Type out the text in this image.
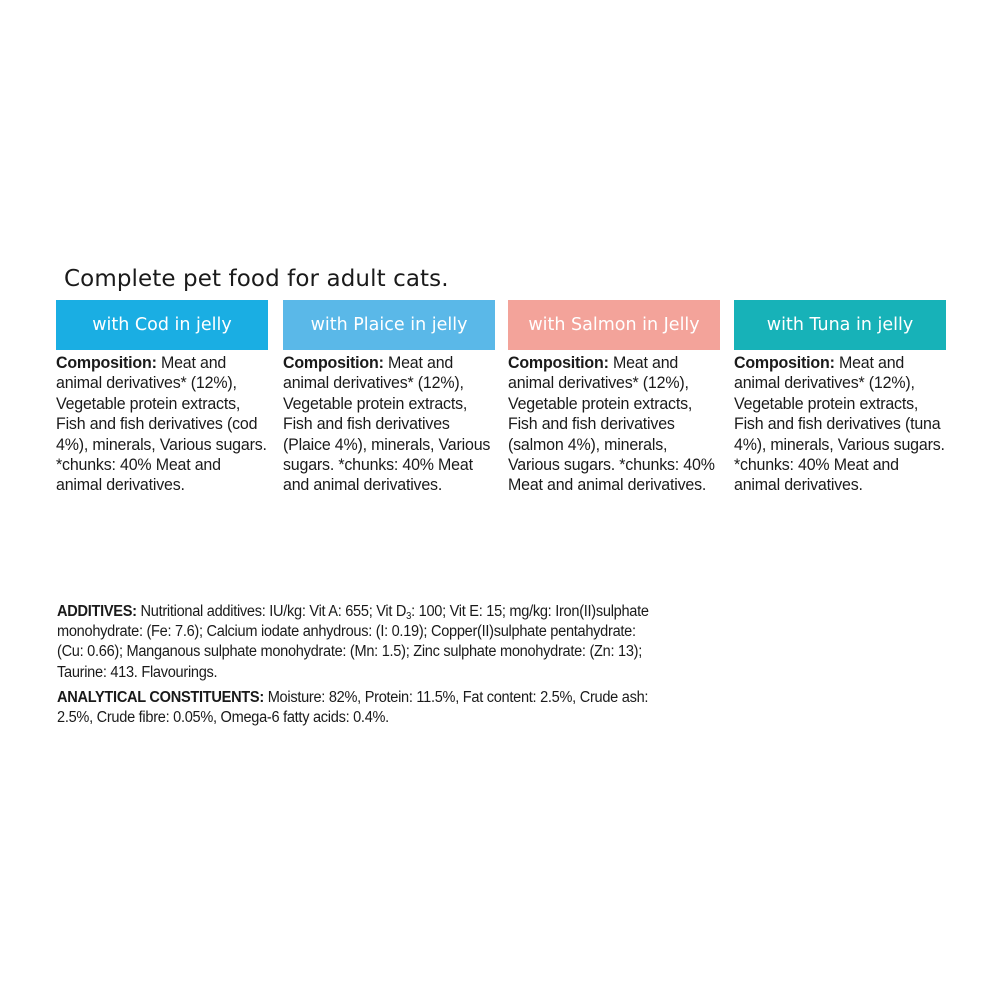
Complete pet food for adult cats.
with Cod in jelly
Composition: Meat and animal derivatives* (12%), Vegetable protein extracts, Fish and fish derivatives (cod 4%), minerals, Various sugars. *chunks: 40% Meat and animal derivatives.
with Plaice in jelly
Composition: Meat and animal derivatives* (12%), Vegetable protein extracts, Fish and fish derivatives (Plaice 4%), minerals, Various sugars. *chunks: 40% Meat and animal derivatives.
with Salmon in Jelly
Composition: Meat and animal derivatives* (12%), Vegetable protein extracts, Fish and fish derivatives (salmon 4%), minerals, Various sugars. *chunks: 40% Meat and animal derivatives.
with Tuna in jelly
Composition: Meat and animal derivatives* (12%), Vegetable protein extracts, Fish and fish derivatives (tuna 4%), minerals, Various sugars. *chunks: 40% Meat and animal derivatives.

ADDITIVES: Nutritional additives: IU/kg: Vit A: 655; Vit $D_3$: 100; Vit E: 15; mg/kg: Iron(II)sulphate monohydrate: (Fe: 7.6); Calcium iodate anhydrous: (I: 0.19); Copper(II)sulphate pentahydrate: (Cu: 0.66); Manganous sulphate monohydrate: (Mn: 1.5); Zinc sulphate monohydrate: (Zn: 13); Taurine: 413. Flavourings.

ANALYTICAL CONSTITUENTS: Moisture: 82%, Protein: 11.5%, Fat content: 2.5%, Crude ash: 2.5%, Crude fibre: 0.05%, Omega-6 fatty acids: 0.4%.
